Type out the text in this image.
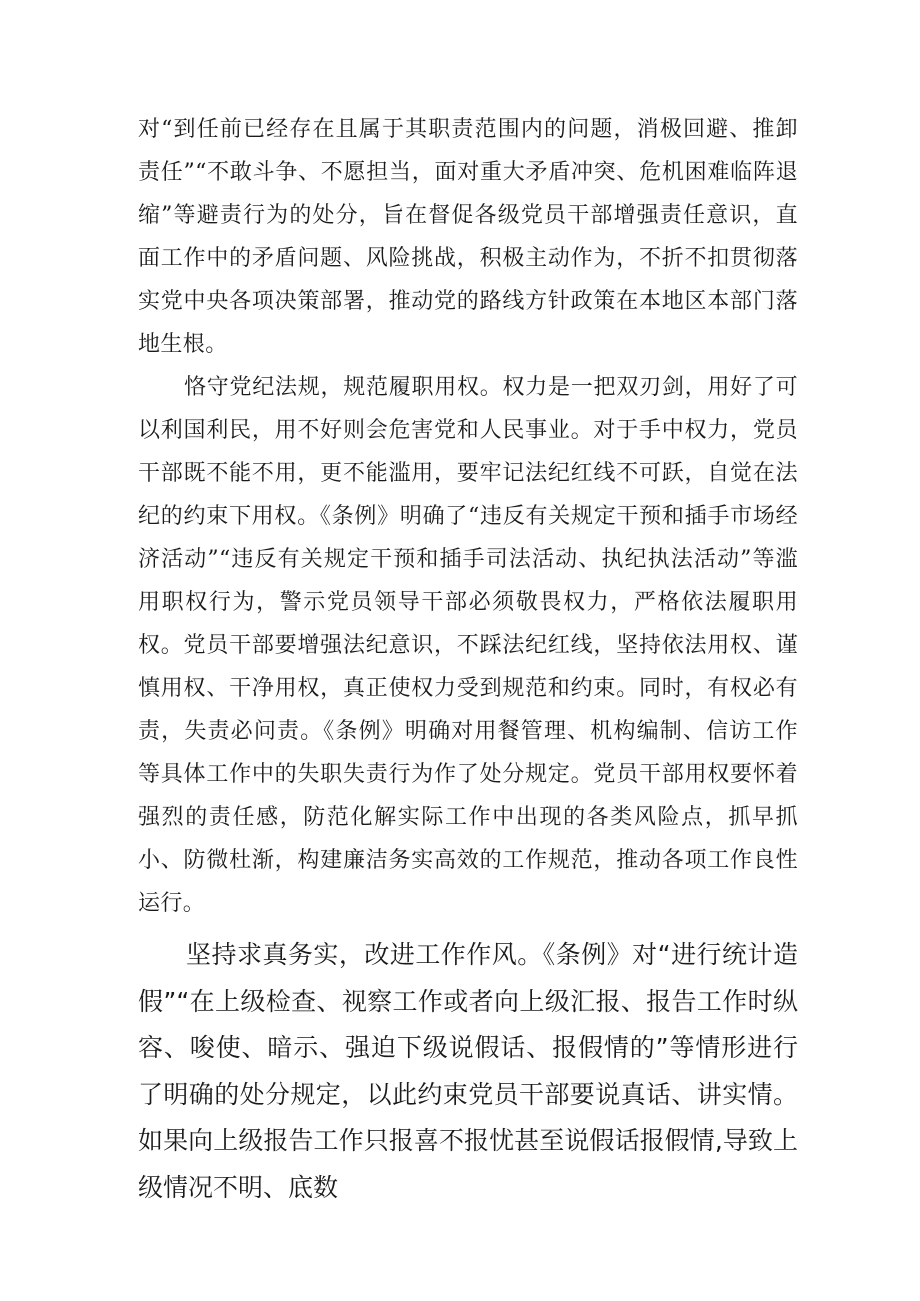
对“到任前已经存在且属于其职责范围内的问题，消极回避、推卸责任”“不敢斗争、不愿担当，面对重大矛盾冲突、危机困难临阵退缩”等避责行为的处分，旨在督促各级党员干部增强责任意识，直面工作中的矛盾问题、风险挑战，积极主动作为，不折不扣贯彻落实党中央各项决策部署，推动党的路线方针政策在本地区本部门落地生根。

恪守党纪法规，规范履职用权。权力是一把双刃剑，用好了可以利国利民，用不好则会危害党和人民事业。对于手中权力，党员干部既不能不用，更不能滥用，要牢记法纪红线不可跃，自觉在法纪的约束下用权。《条例》明确了“违反有关规定干预和插手市场经济活动”“违反有关规定干预和插手司法活动、执纪执法活动”等滥用职权行为，警示党员领导干部必须敬畏权力，严格依法履职用权。党员干部要增强法纪意识，不踩法纪红线，坚持依法用权、谨慎用权、干净用权，真正使权力受到规范和约束。同时，有权必有责，失责必问责。《条例》明确对用餐管理、机构编制、信访工作等具体工作中的失职失责行为作了处分规定。党员干部用权要怀着强烈的责任感，防范化解实际工作中出现的各类风险点，抓早抓小、防微杜渐，构建廉洁务实高效的工作规范，推动各项工作良性运行。

坚持求真务实，改进工作作风。《条例》对“进行统计造假”“在上级检查、视察工作或者向上级汇报、报告工作时纵容、唆使、暗示、强迫下级说假话、报假情的”等情形进行了明确的处分规定，以此约束党员干部要说真话、讲实情。如果向上级报告工作只报喜不报忧甚至说假话报假情,导致上级情况不明、底数
